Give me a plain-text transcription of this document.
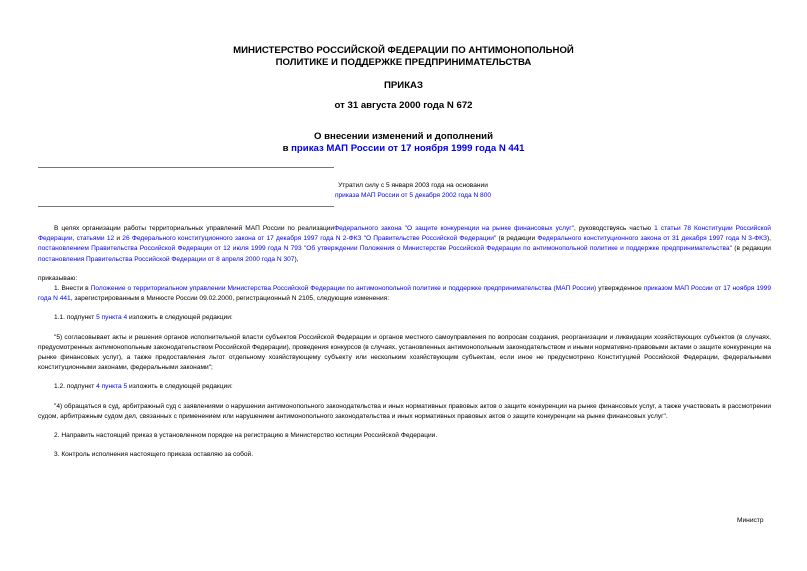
МИНИСТЕРСТВО РОССИЙСКОЙ ФЕДЕРАЦИИ ПО АНТИМОНОПОЛЬНОЙ
ПОЛИТИКЕ И ПОДДЕРЖКЕ ПРЕДПРИНИМАТЕЛЬСТВА
ПРИКАЗ
от 31 августа 2000 года N 672
О внесении изменений и дополнений
в приказ МАП России от 17 ноября 1999 года N 441
Утратил силу с 5 января 2003 года на основании
приказа МАП России от 5 декабря 2002 года N 800

В целях организации работы территориальных управлений МАП России по реализацииФедерального закона "О защите конкуренции на рынке финансовых услуг", руководствуясь частью 1 статьи 78 Конституции Российской Федерации, статьями 12 и 26 Федерального конституционного закона от 17 декабря 1997 года N 2-ФКЗ "О Правительстве Российской Федерации" (в редакции Федерального конституционного закона от 31 декабря 1997 года N 3-ФКЗ), постановлением Правительства Российской Федерации от 12 июля 1999 года N 793 "Об утверждении Положения о Министерстве Российской Федерации по антимонопольной политике и поддержке предпринимательства" (в редакции постановления Правительства Российской Федерации от 8 апреля 2000 года N 307),

приказываю:

1. Внести в Положение о территориальном управлении Министерства Российской Федерации по антимонопольной политике и поддержке предпринимательства (МАП России) утвержденное приказом МАП России от 17 ноября 1999 года N 441, зарегистрированным в Минюсте России 09.02.2000, регистрационный N 2105, следующие изменения:

1.1. подпункт 5 пункта 4 изложить в следующей редакции:

"5) согласовывает акты и решения органов исполнительной власти субъектов Российской Федерации и органов местного самоуправления по вопросам создания, реорганизации и ликвидации хозяйствующих субъектов (в случаях, предусмотренных антимонопольным законодательством Российской Федерации), проведения конкурсов (в случаях, установленных антимонопольным законодательством и иными нормативно-правовыми актами о защите конкуренции на рынке финансовых услуг), а также предоставления льгот отдельному хозяйствующему субъекту или нескольким хозяйствующим субъектам, если иное не предусмотрено Конституцией Российской Федерации, федеральными конституционными законами, федеральными законами";

1.2. подпункт 4 пункта 5 изложить в следующей редакции:

"4) обращаться в суд, арбитражный суд с заявлениями о нарушении антимонопольного законодательства и иных нормативных правовых актов о защите конкуренции на рынке финансовых услуг, а также участвовать в рассмотрении судом, арбитражным судом дел, связанных с применением или нарушением антимонопольного законодательства и иных нормативных правовых актов о защите конкуренции на рынке финансовых услуг".

2. Направить настоящий приказ в установленном порядке на регистрацию в Министерство юстиции Российской Федерации.

3. Контроль исполнения настоящего приказа оставляю за собой.

Министр
